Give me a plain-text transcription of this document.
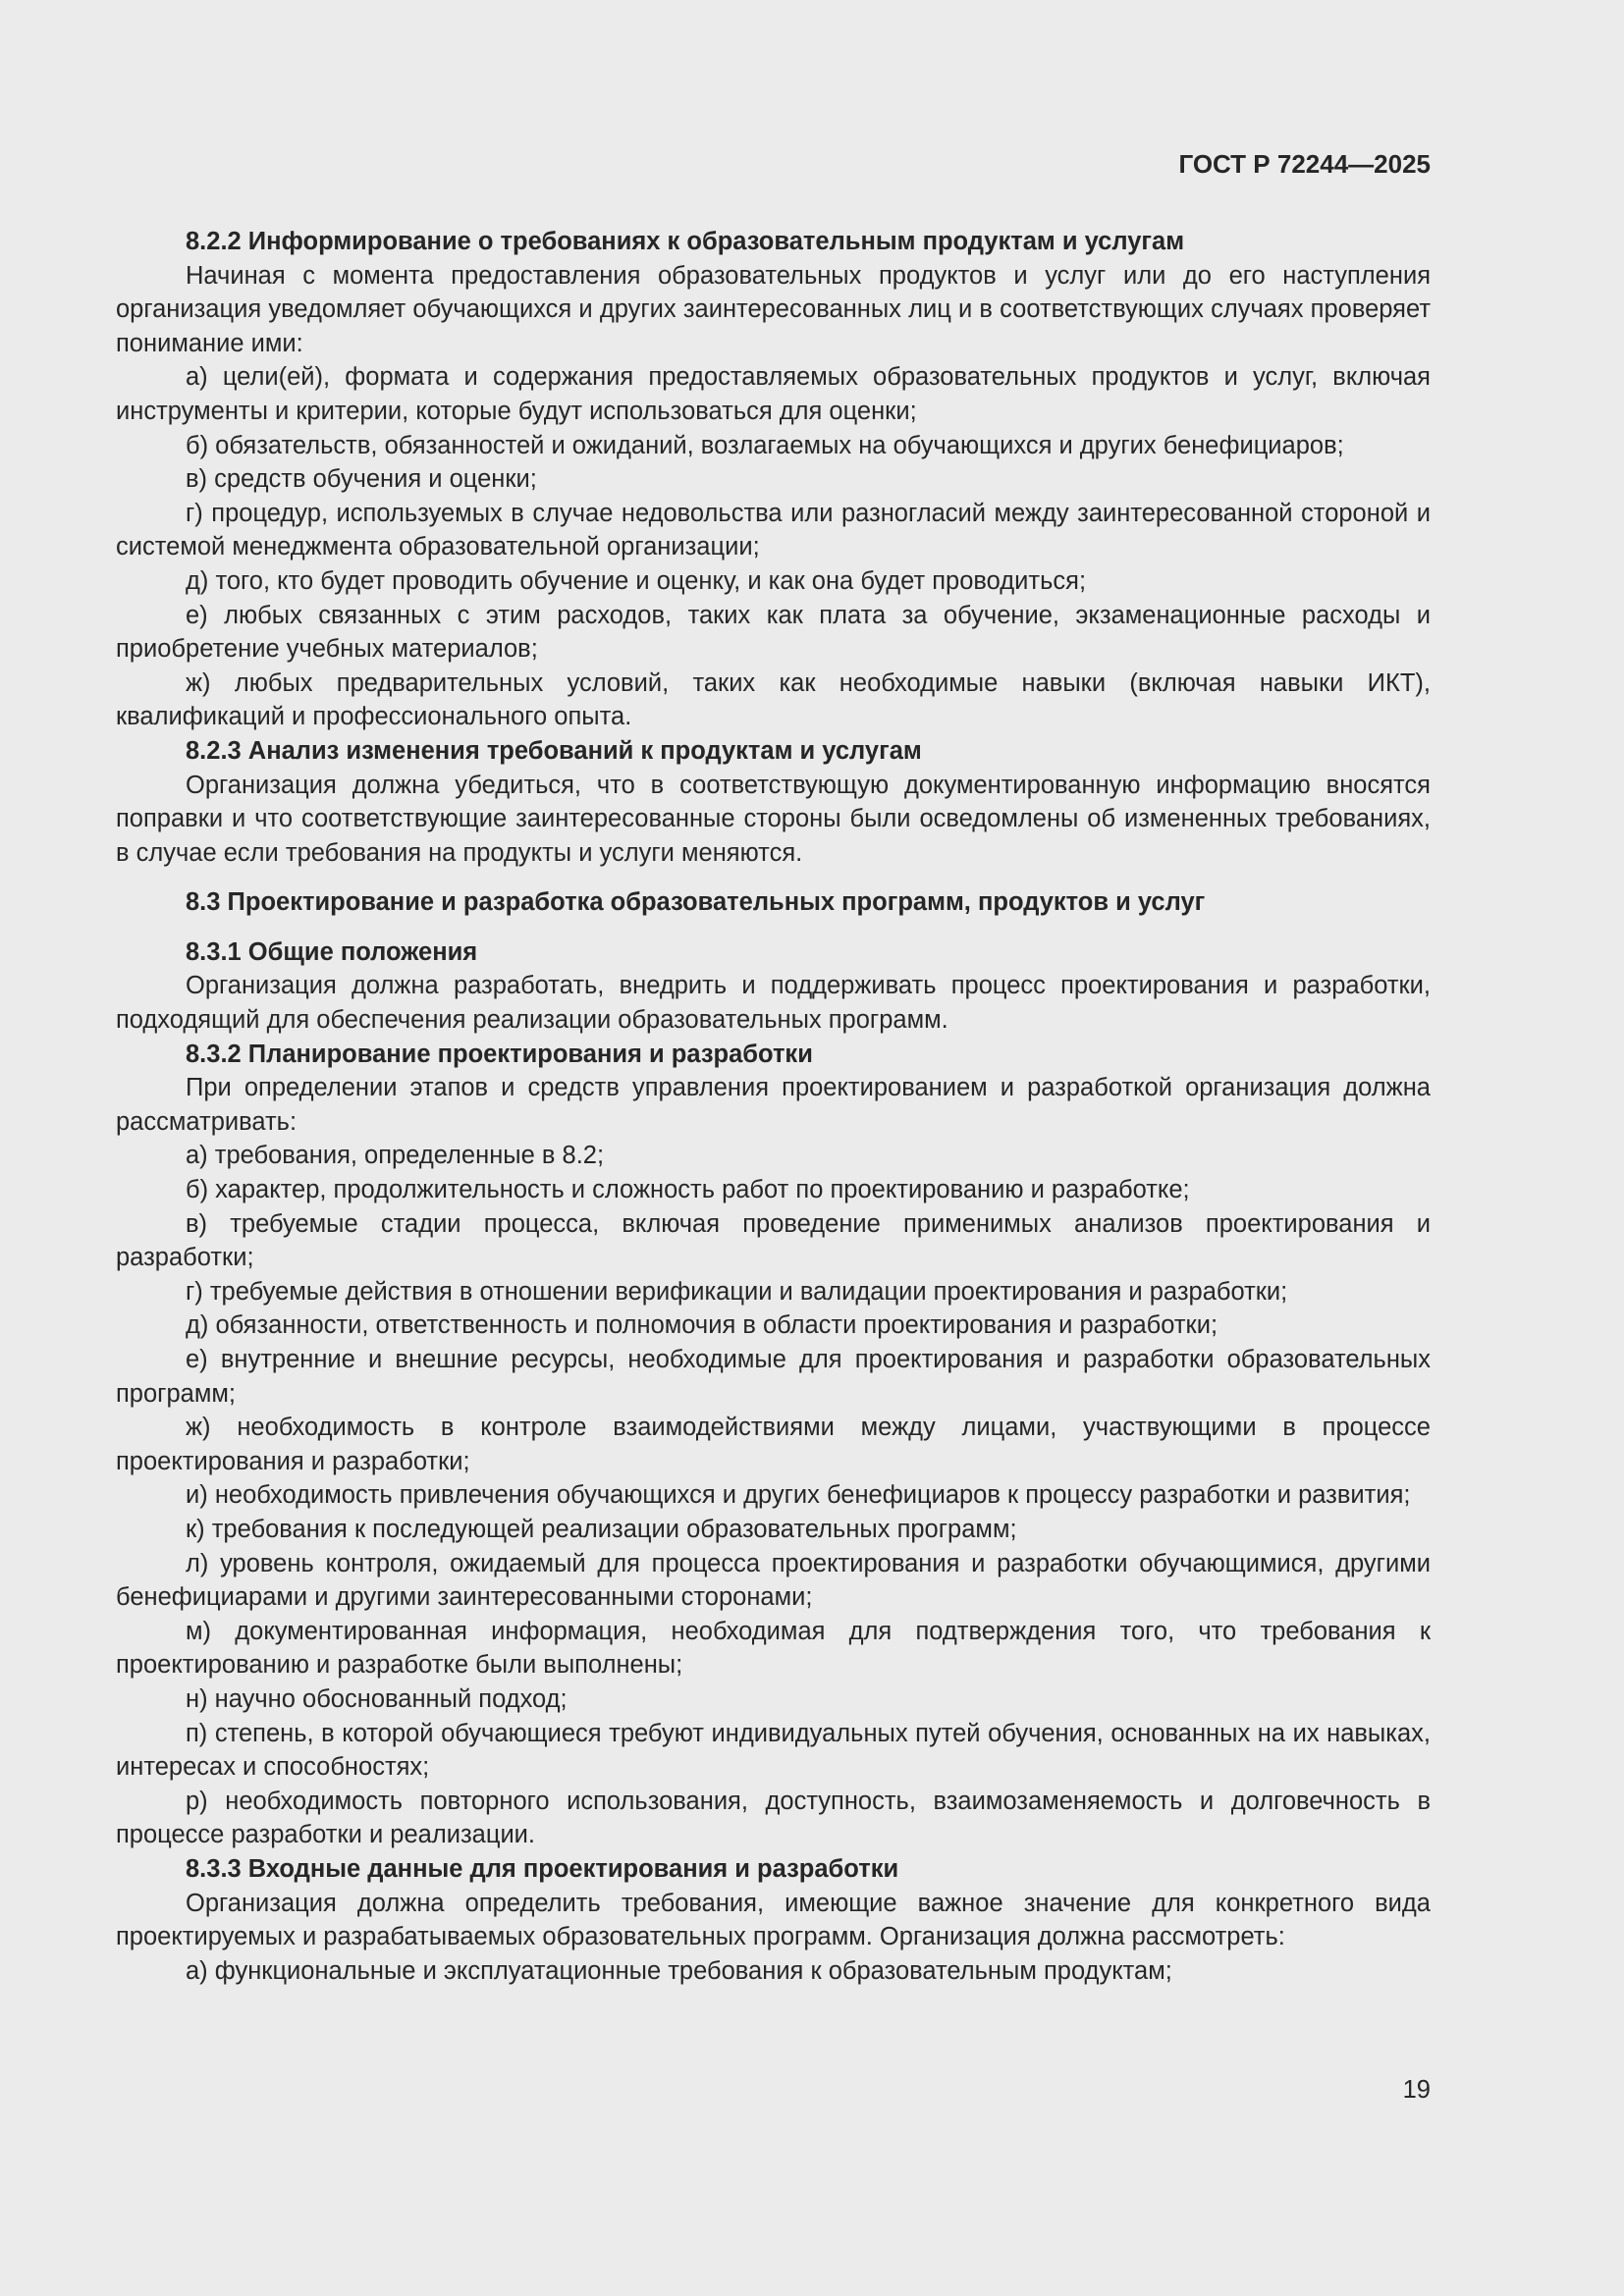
ГОСТ Р 72244—2025

8.2.2 Информирование о требованиях к образовательным продуктам и услугам

Начиная с момента предоставления образовательных продуктов и услуг или до его наступления организация уведомляет обучающихся и других заинтересованных лиц и в соответствующих случаях проверяет понимание ими:

а) цели(ей), формата и содержания предоставляемых образовательных продуктов и услуг, включая инструменты и критерии, которые будут использоваться для оценки;

б) обязательств, обязанностей и ожиданий, возлагаемых на обучающихся и других бенефициаров;

в) средств обучения и оценки;

г) процедур, используемых в случае недовольства или разногласий между заинтересованной стороной и системой менеджмента образовательной организации;

д) того, кто будет проводить обучение и оценку, и как она будет проводиться;

е) любых связанных с этим расходов, таких как плата за обучение, экзаменационные расходы и приобретение учебных материалов;

ж) любых предварительных условий, таких как необходимые навыки (включая навыки ИКТ), квалификаций и профессионального опыта.

8.2.3 Анализ изменения требований к продуктам и услугам

Организация должна убедиться, что в соответствующую документированную информацию вносятся поправки и что соответствующие заинтересованные стороны были осведомлены об измененных требованиях, в случае если требования на продукты и услуги меняются.

8.3 Проектирование и разработка образовательных программ, продуктов и услуг

8.3.1 Общие положения

Организация должна разработать, внедрить и поддерживать процесс проектирования и разработки, подходящий для обеспечения реализации образовательных программ.

8.3.2 Планирование проектирования и разработки

При определении этапов и средств управления проектированием и разработкой организация должна рассматривать:

а) требования, определенные в 8.2;

б) характер, продолжительность и сложность работ по проектированию и разработке;

в) требуемые стадии процесса, включая проведение применимых анализов проектирования и разработки;

г) требуемые действия в отношении верификации и валидации проектирования и разработки;

д) обязанности, ответственность и полномочия в области проектирования и разработки;

е) внутренние и внешние ресурсы, необходимые для проектирования и разработки образовательных программ;

ж) необходимость в контроле взаимодействиями между лицами, участвующими в процессе проектирования и разработки;

и) необходимость привлечения обучающихся и других бенефициаров к процессу разработки и развития;

к) требования к последующей реализации образовательных программ;

л) уровень контроля, ожидаемый для процесса проектирования и разработки обучающимися, другими бенефициарами и другими заинтересованными сторонами;

м) документированная информация, необходимая для подтверждения того, что требования к проектированию и разработке были выполнены;

н) научно обоснованный подход;

п) степень, в которой обучающиеся требуют индивидуальных путей обучения, основанных на их навыках, интересах и способностях;

р) необходимость повторного использования, доступность, взаимозаменяемость и долговечность в процессе разработки и реализации.

8.3.3 Входные данные для проектирования и разработки

Организация должна определить требования, имеющие важное значение для конкретного вида проектируемых и разрабатываемых образовательных программ. Организация должна рассмотреть:

а) функциональные и эксплуатационные требования к образовательным продуктам;

19
